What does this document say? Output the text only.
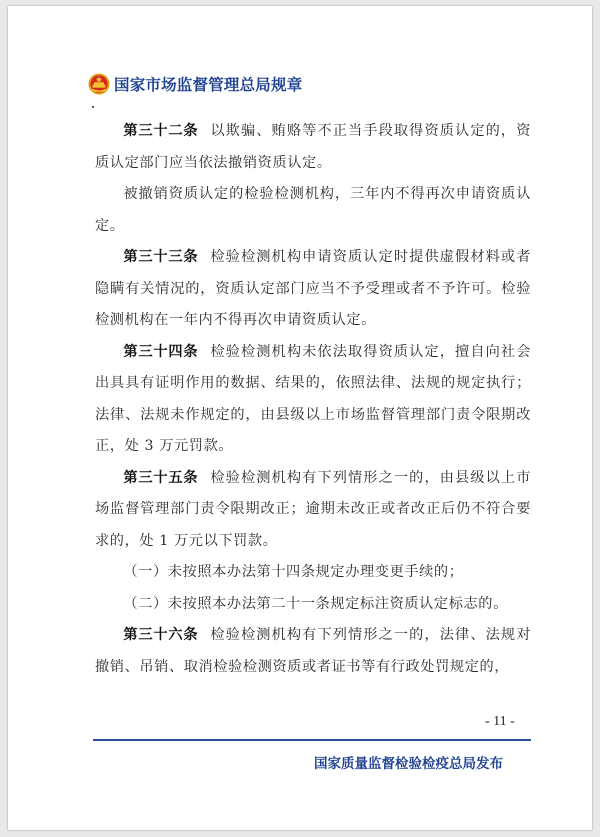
国家市场监督管理总局规章

第三十二条 以欺骗、贿赂等不正当手段取得资质认定的，资质认定部门应当依法撤销资质认定。

被撤销资质认定的检验检测机构，三年内不得再次申请资质认定。

第三十三条 检验检测机构申请资质认定时提供虚假材料或者隐瞒有关情况的，资质认定部门应当不予受理或者不予许可。检验检测机构在一年内不得再次申请资质认定。

第三十四条 检验检测机构未依法取得资质认定，擅自向社会出具具有证明作用的数据、结果的，依照法律、法规的规定执行；法律、法规未作规定的，由县级以上市场监督管理部门责令限期改正，处 3 万元罚款。

第三十五条 检验检测机构有下列情形之一的，由县级以上市场监督管理部门责令限期改正；逾期未改正或者改正后仍不符合要求的，处 1 万元以下罚款。

（一）未按照本办法第十四条规定办理变更手续的；

（二）未按照本办法第二十一条规定标注资质认定标志的。

第三十六条 检验检测机构有下列情形之一的，法律、法规对撤销、吊销、取消检验检测资质或者证书等有行政处罚规定的，

- 11 -
国家质量监督检验检疫总局发布
